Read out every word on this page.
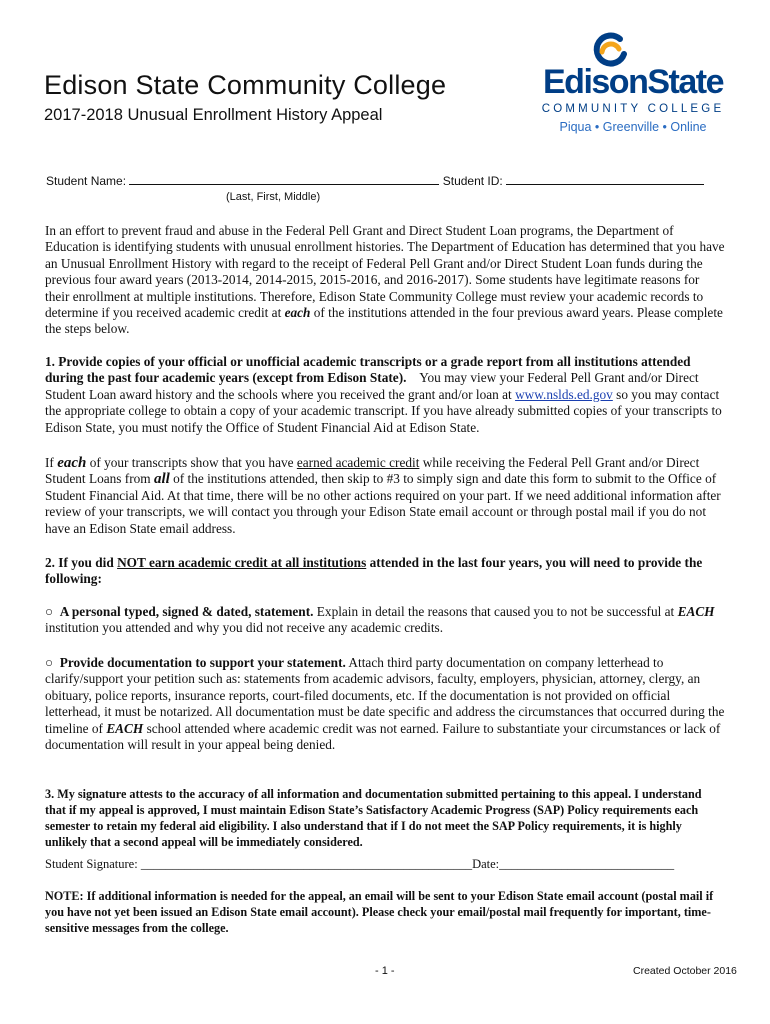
Edison State Community College
2017-2018 Unusual Enrollment History Appeal
EdisonState
COMMUNITY COLLEGE
Piqua • Greenville • Online
Student Name:	Student ID:
(Last, First, Middle)

In an effort to prevent fraud and abuse in the Federal Pell Grant and Direct Student Loan programs, the Department of Education is identifying students with unusual enrollment histories. The Department of Education has determined that you have an Unusual Enrollment History with regard to the receipt of Federal Pell Grant and/or Direct Student Loan funds during the previous four award years (2013-2014, 2014-2015, 2015-2016, and 2016-2017). Some students have legitimate reasons for their enrollment at multiple institutions. Therefore, Edison State Community College must review your academic records to determine if you received academic credit at each of the institutions attended in the four previous award years. Please complete the steps below.

1. Provide copies of your official or unofficial academic transcripts or a grade report from all institutions attended during the past four academic years (except from Edison State). You may view your Federal Pell Grant and/or Direct Student Loan award history and the schools where you received the grant and/or loan at www.nslds.ed.gov so you may contact the appropriate college to obtain a copy of your academic transcript. If you have already submitted copies of your transcripts to Edison State, you must notify the Office of Student Financial Aid at Edison State.

If each of your transcripts show that you have earned academic credit while receiving the Federal Pell Grant and/or Direct Student Loans from all of the institutions attended, then skip to #3 to simply sign and date this form to submit to the Office of Student Financial Aid. At that time, there will be no other actions required on your part. If we need additional information after review of your transcripts, we will contact you through your Edison State email account or through postal mail if you do not have an Edison State email address.

2. If you did NOT earn academic credit at all institutions attended in the last four years, you will need to provide the following:

○ A personal typed, signed & dated, statement. Explain in detail the reasons that caused you to not be successful at EACH institution you attended and why you did not receive any academic credits.

○ Provide documentation to support your statement. Attach third party documentation on company letterhead to clarify/support your petition such as: statements from academic advisors, faculty, employers, physician, attorney, clergy, an obituary, police reports, insurance reports, court-filed documents, etc. If the documentation is not provided on official letterhead, it must be notarized. All documentation must be date specific and address the circumstances that occurred during the timeline of EACH school attended where academic credit was not earned. Failure to substantiate your circumstances or lack of documentation will result in your appeal being denied.

3. My signature attests to the accuracy of all information and documentation submitted pertaining to this appeal. I understand that if my appeal is approved, I must maintain Edison State’s Satisfactory Academic Progress (SAP) Policy requirements each semester to retain my federal aid eligibility. I also understand that if I do not meet the SAP Policy requirements, it is highly unlikely that a second appeal will be immediately considered.
Student Signature: _____________________________________________________Date:____________________________
NOTE: If additional information is needed for the appeal, an email will be sent to your Edison State email account (postal mail if you have not yet been issued an Edison State email account). Please check your email/postal mail frequently for important, time-sensitive messages from the college.
- 1 -	Created October 2016
